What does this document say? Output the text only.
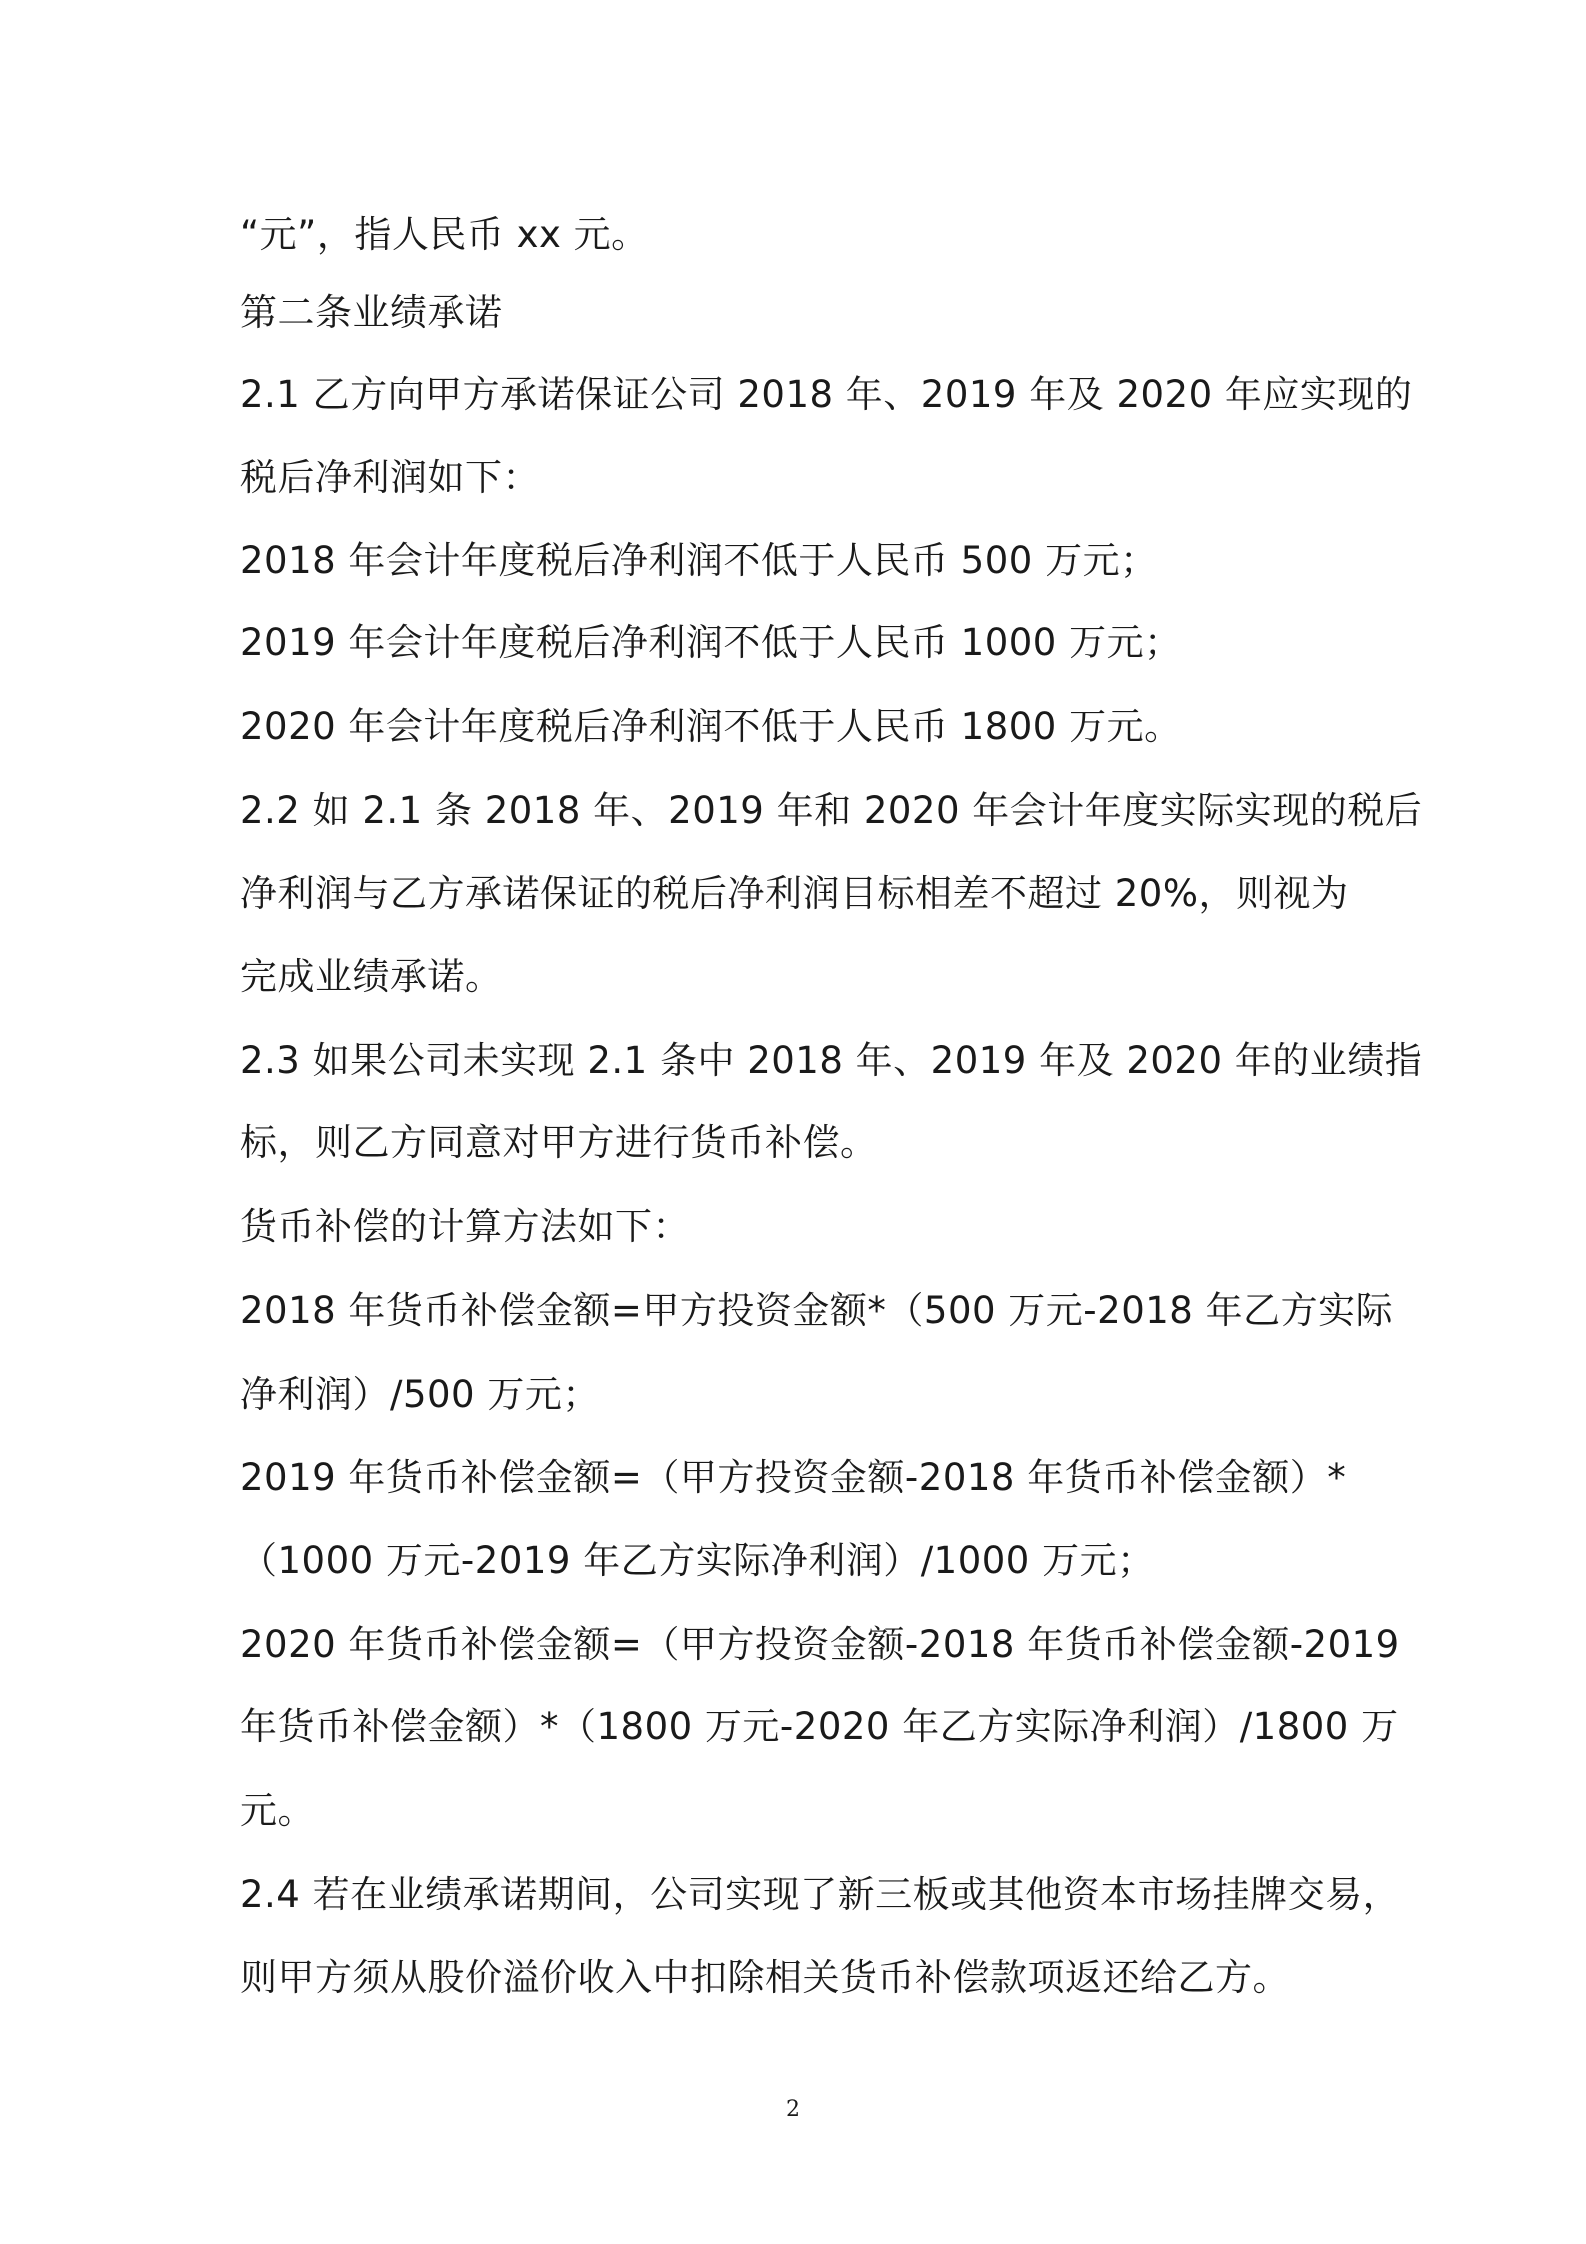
“元”，指人民币 xx 元。
第二条业绩承诺
2.1 乙方向甲方承诺保证公司 2018 年、2019 年及 2020 年应实现的
税后净利润如下：
2018 年会计年度税后净利润不低于人民币 500 万元；
2019 年会计年度税后净利润不低于人民币 1000 万元；
2020 年会计年度税后净利润不低于人民币 1800 万元。
2.2 如 2.1 条 2018 年、2019 年和 2020 年会计年度实际实现的税后
净利润与乙方承诺保证的税后净利润目标相差不超过 20%，则视为
完成业绩承诺。
2.3 如果公司未实现 2.1 条中 2018 年、2019 年及 2020 年的业绩指
标，则乙方同意对甲方进行货币补偿。
货币补偿的计算方法如下：
2018 年货币补偿金额=甲方投资金额*（500 万元-2018 年乙方实际
净利润）/500 万元；
2019 年货币补偿金额=（甲方投资金额-2018 年货币补偿金额）*
（1000 万元-2019 年乙方实际净利润）/1000 万元；
2020 年货币补偿金额=（甲方投资金额-2018 年货币补偿金额-2019
年货币补偿金额）*（1800 万元-2020 年乙方实际净利润）/1800 万
元。
2.4 若在业绩承诺期间，公司实现了新三板或其他资本市场挂牌交易，
则甲方须从股价溢价收入中扣除相关货币补偿款项返还给乙方。
2
